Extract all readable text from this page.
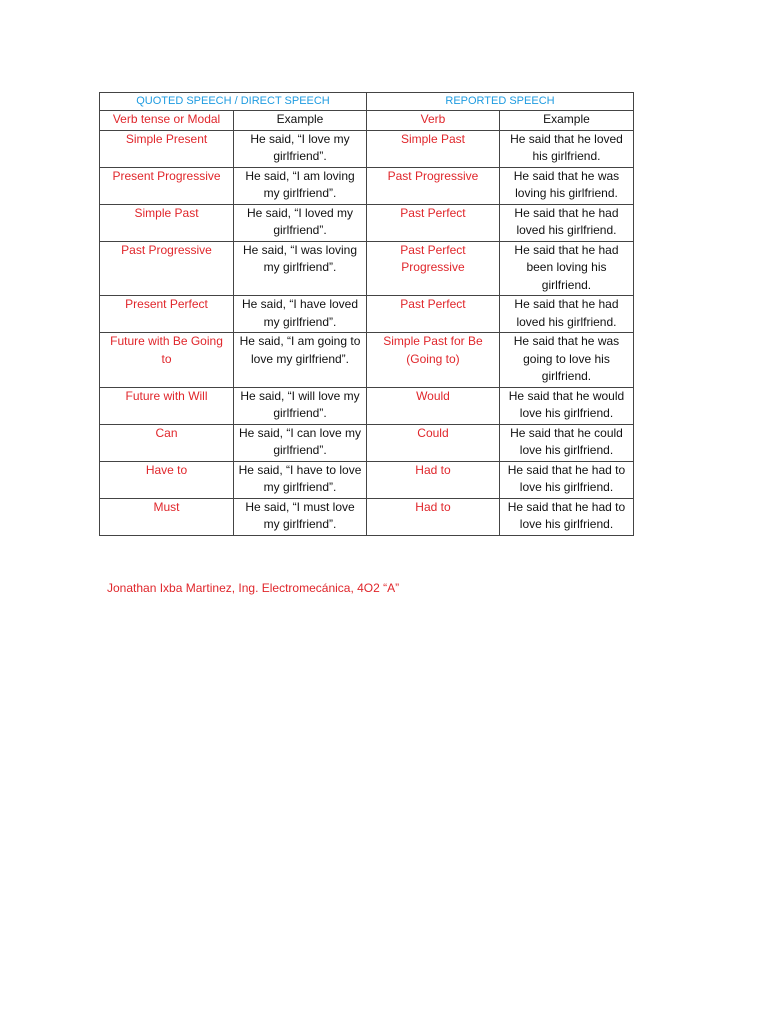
QUOTED SPEECH / DIRECT SPEECH		REPORTED SPEECH	
Verb tense or Modal	Example	Verb	Example
Simple Present	He said, “I love my girlfriend”.	Simple Past	He said that he loved his girlfriend.
Present Progressive	He said, “I am loving my girlfriend”.	Past Progressive	He said that he was loving his girlfriend.
Simple Past	He said, “I loved my girlfriend”.	Past Perfect	He said that he had loved his girlfriend.
Past Progressive	He said, “I was loving my girlfriend”.	Past Perfect Progressive	He said that he had been loving his girlfriend.
Present Perfect	He said, “I have loved my girlfriend”.	Past Perfect	He said that he had loved his girlfriend.
Future with Be Going to	He said, “I am going to love my girlfriend”.	Simple Past for Be (Going to)	He said that he was going to love his girlfriend.
Future with Will	He said, “I will love my girlfriend”.	Would	He said that he would love his girlfriend.
Can	He said, “I can love my girlfriend”.	Could	He said that he could love his girlfriend.
Have to	He said, “I have to love my girlfriend”.	Had to	He said that he had to love his girlfriend.
Must	He said, “I must love my girlfriend”.	Had to	He said that he had to love his girlfriend.
Jonathan Ixba Martinez, Ing. Electromecánica, 4O2 “A”
